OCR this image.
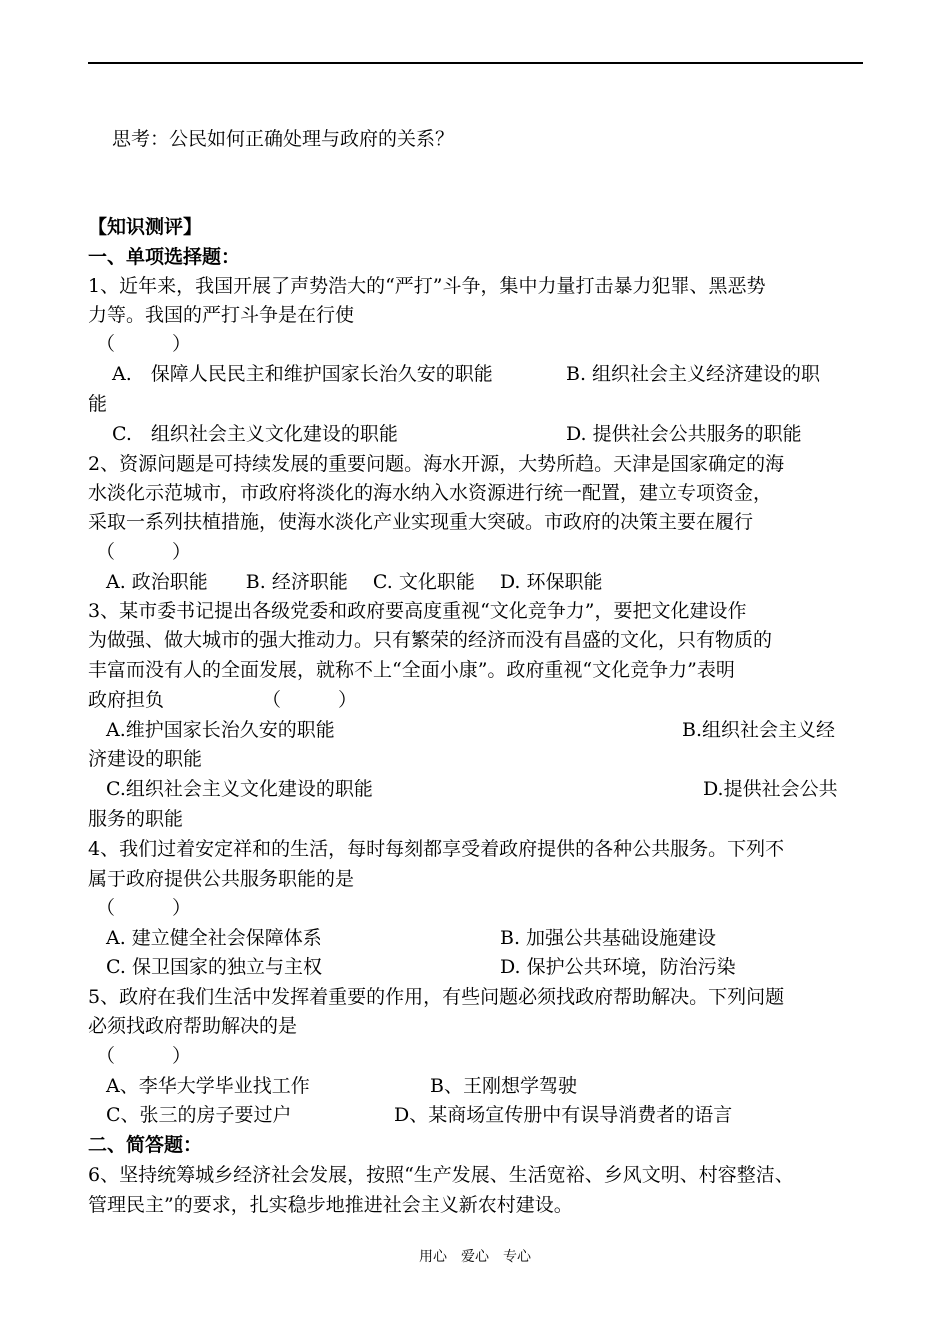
思考：公民如何正确处理与政府的关系？
【知识测评】
一、单项选择题：
1、近年来，我国开展了声势浩大的“严打”斗争，集中力量打击暴力犯罪、黑恶势
力等。我国的严打斗争是在行使
（　　　）
A.　保障人民民主和维护国家长治久安的职能	B. 组织社会主义经济建设的职
能
C.　组织社会主义文化建设的职能	D. 提供社会公共服务的职能
2、资源问题是可持续发展的重要问题。海水开源，大势所趋。天津是国家确定的海
水淡化示范城市，市政府将淡化的海水纳入水资源进行统一配置，建立专项资金，
采取一系列扶植措施，使海水淡化产业实现重大突破。市政府的决策主要在履行
（　　　）
A. 政治职能　　B. 经济职能　 C. 文化职能　 D. 环保职能
3、某市委书记提出各级党委和政府要高度重视“文化竞争力”，要把文化建设作
为做强、做大城市的强大推动力。只有繁荣的经济而没有昌盛的文化，只有物质的
丰富而没有人的全面发展，就称不上“全面小康”。政府重视“文化竞争力”表明
政府担负	（　　　）
A.维护国家长治久安的职能	B.组织社会主义经
济建设的职能
C.组织社会主义文化建设的职能	D.提供社会公共
服务的职能
4、我们过着安定祥和的生活，每时每刻都享受着政府提供的各种公共服务。下列不
属于政府提供公共服务职能的是
（　　　）
A. 建立健全社会保障体系	B. 加强公共基础设施建设
C. 保卫国家的独立与主权	D. 保护公共环境，防治污染
5、政府在我们生活中发挥着重要的作用，有些问题必须找政府帮助解决。下列问题
必须找政府帮助解决的是
（　　　）
A、李华大学毕业找工作	B、王刚想学驾驶
C、张三的房子要过户	D、某商场宣传册中有误导消费者的语言
二、简答题：
6、坚持统筹城乡经济社会发展，按照“生产发展、生活宽裕、乡风文明、村容整洁、
管理民主”的要求，扎实稳步地推进社会主义新农村建设。
用心　爱心　专心
